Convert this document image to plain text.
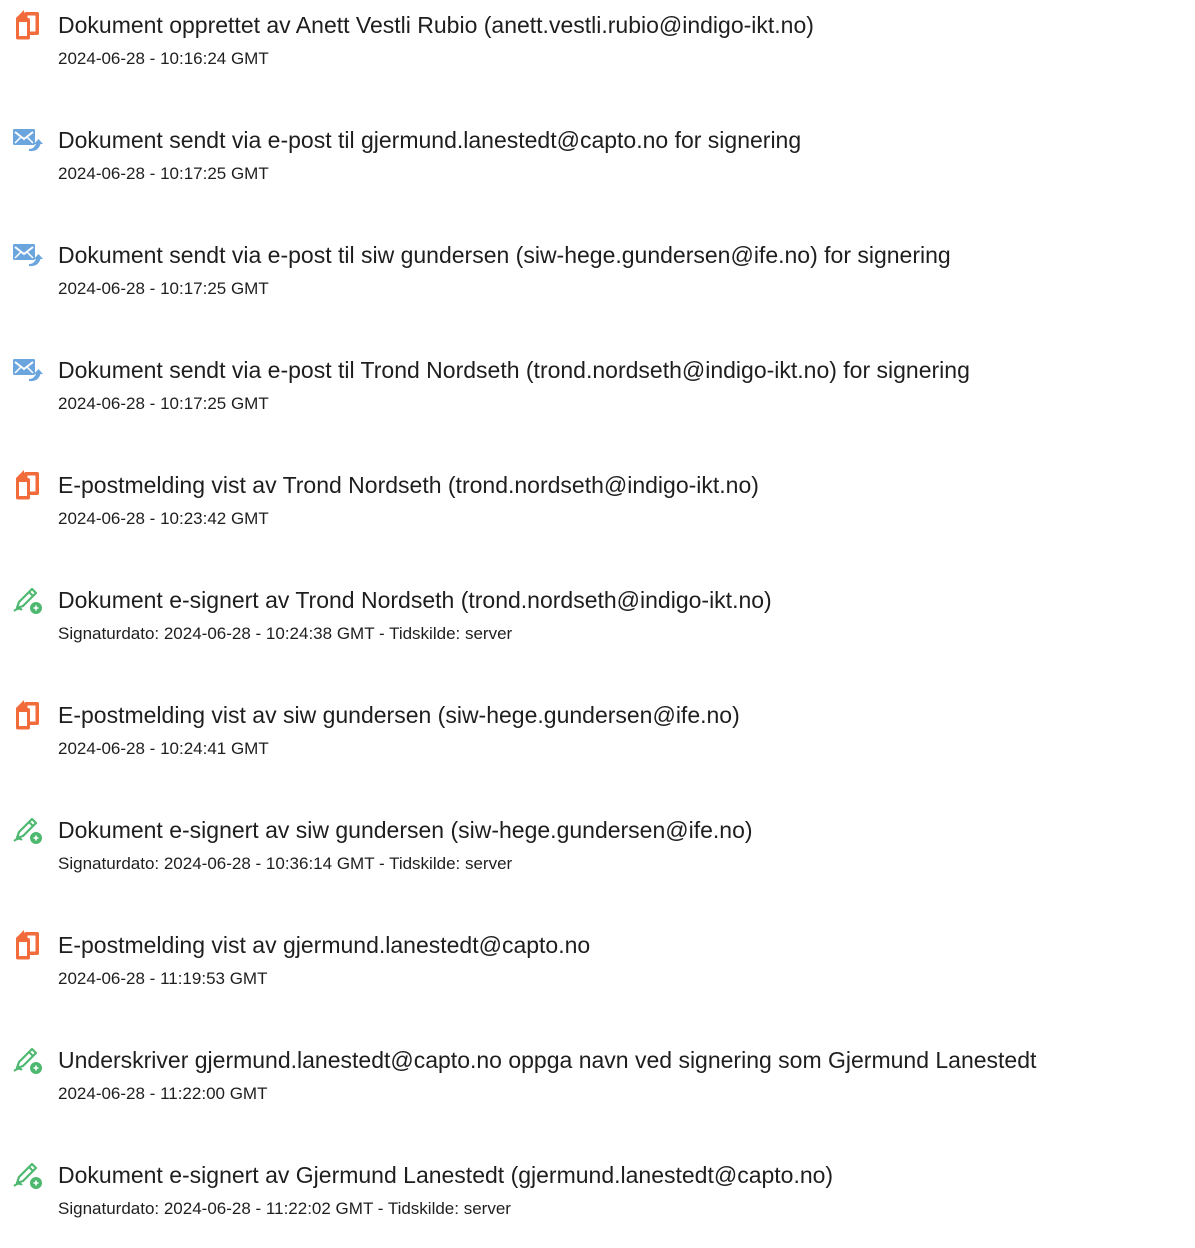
Dokument opprettet av Anett Vestli Rubio (anett.vestli.rubio@indigo-ikt.no)
2024-06-28 - 10:16:24 GMT
Dokument sendt via e-post til gjermund.lanestedt@capto.no for signering
2024-06-28 - 10:17:25 GMT
Dokument sendt via e-post til siw gundersen (siw-hege.gundersen@ife.no) for signering
2024-06-28 - 10:17:25 GMT
Dokument sendt via e-post til Trond Nordseth (trond.nordseth@indigo-ikt.no) for signering
2024-06-28 - 10:17:25 GMT
E-postmelding vist av Trond Nordseth (trond.nordseth@indigo-ikt.no)
2024-06-28 - 10:23:42 GMT
Dokument e-signert av Trond Nordseth (trond.nordseth@indigo-ikt.no)
Signaturdato: 2024-06-28 - 10:24:38 GMT - Tidskilde: server
E-postmelding vist av siw gundersen (siw-hege.gundersen@ife.no)
2024-06-28 - 10:24:41 GMT
Dokument e-signert av siw gundersen (siw-hege.gundersen@ife.no)
Signaturdato: 2024-06-28 - 10:36:14 GMT - Tidskilde: server
E-postmelding vist av gjermund.lanestedt@capto.no
2024-06-28 - 11:19:53 GMT
Underskriver gjermund.lanestedt@capto.no oppga navn ved signering som Gjermund Lanestedt
2024-06-28 - 11:22:00 GMT
Dokument e-signert av Gjermund Lanestedt (gjermund.lanestedt@capto.no)
Signaturdato: 2024-06-28 - 11:22:02 GMT - Tidskilde: server
